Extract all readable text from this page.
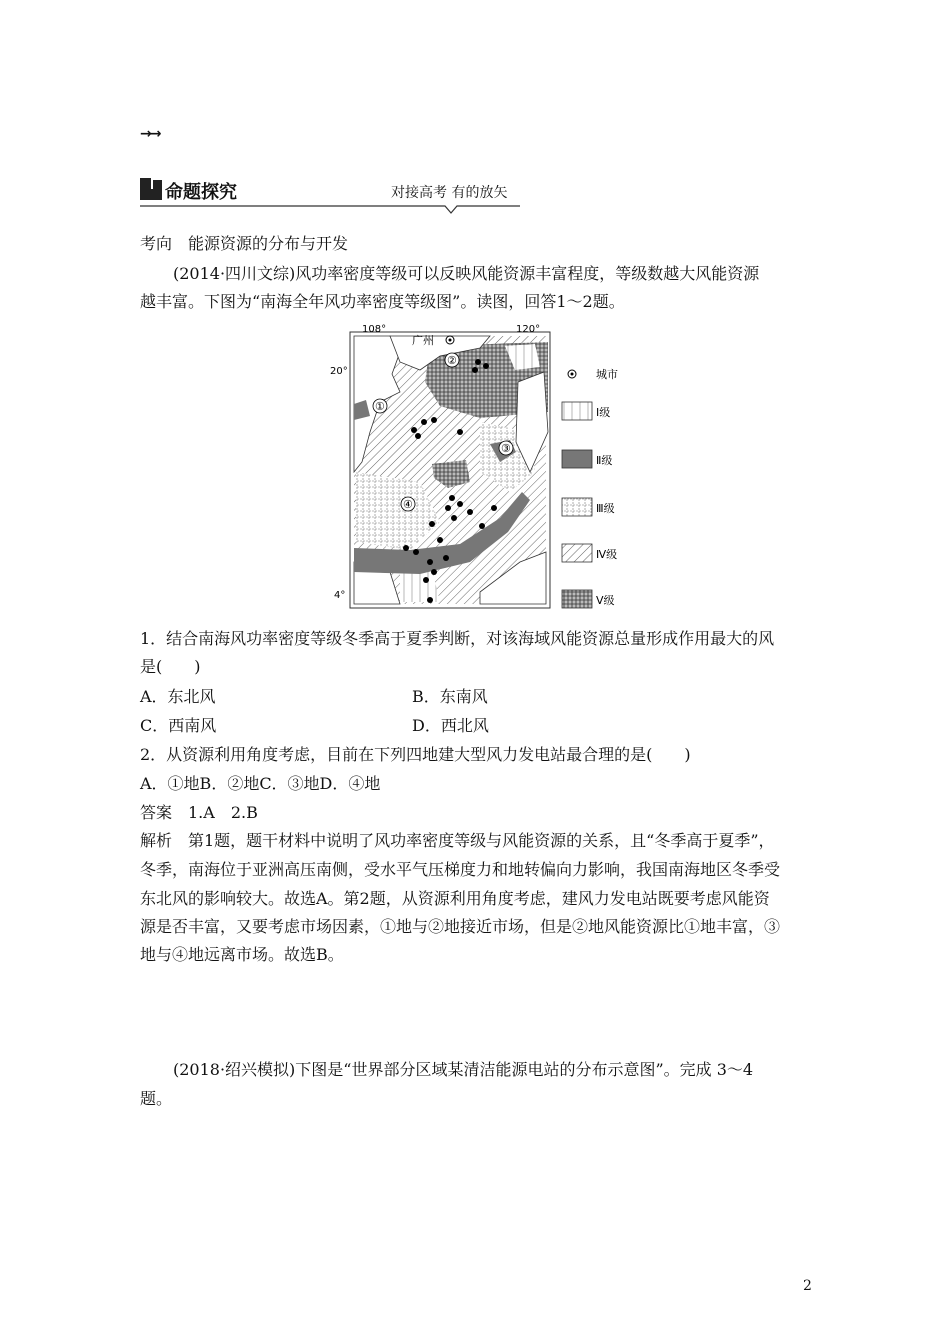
→→
命题探究	对接高考 有的放矢
考向　能源资源的分布与开发
(2014·四川文综)风功率密度等级可以反映风能资源丰富程度，等级数越大风能资源
越丰富。下图为“南海全年风功率密度等级图”。读图，回答1～2题。
108°	120°
20°
4°
广州
①
②
③
④
城市
Ⅰ级
Ⅱ级
Ⅲ级
Ⅳ级
Ⅴ级
1．结合南海风功率密度等级冬季高于夏季判断，对该海域风能资源总量形成作用最大的风
是(　　)
A．东北风	B．东南风
C．西南风	D．西北风
2．从资源利用角度考虑，目前在下列四地建大型风力发电站最合理的是(　　)
A．①地B．②地C．③地D．④地
答案　1.A　2.B
解析　第1题，题干材料中说明了风功率密度等级与风能资源的关系，且“冬季高于夏季”，
冬季，南海位于亚洲高压南侧，受水平气压梯度力和地转偏向力影响，我国南海地区冬季受
东北风的影响较大。故选A。第2题，从资源利用角度考虑，建风力发电站既要考虑风能资
源是否丰富，又要考虑市场因素，①地与②地接近市场，但是②地风能资源比①地丰富，③
地与④地远离市场。故选B。
(2018·绍兴模拟)下图是“世界部分区域某清洁能源电站的分布示意图”。完成 3～4
题。
2
